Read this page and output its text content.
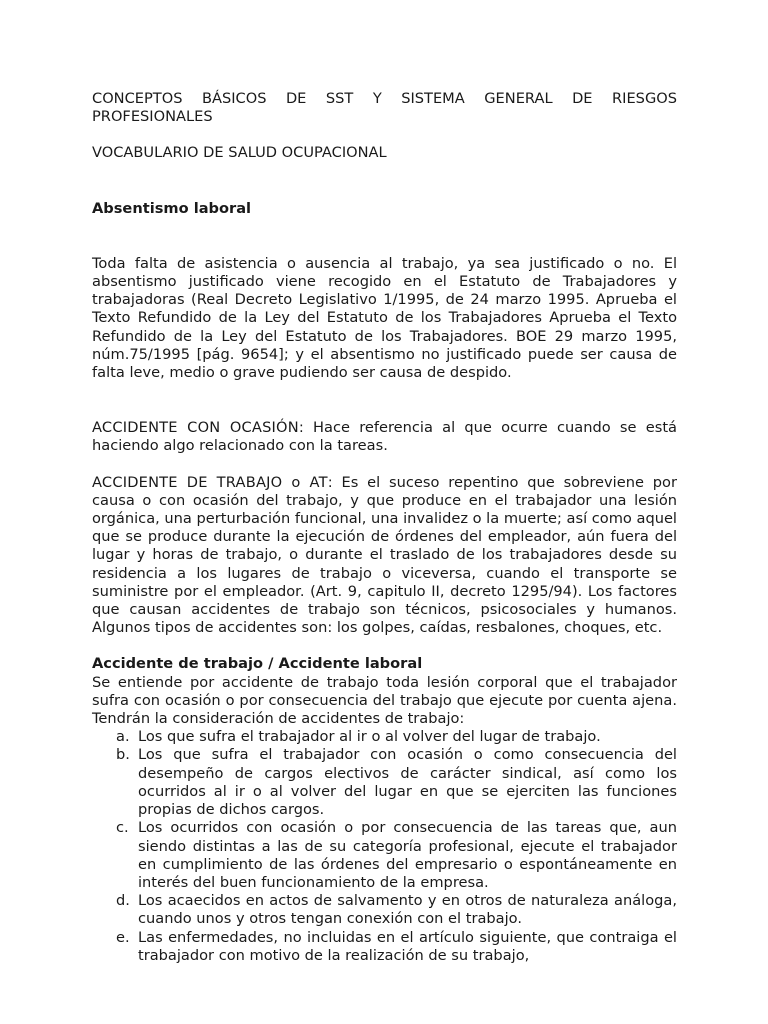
CONCEPTOS BÁSICOS DE SST Y SISTEMA GENERAL DE RIESGOS PROFESIONALES
VOCABULARIO DE SALUD OCUPACIONAL
Absentismo laboral

Toda falta de asistencia o ausencia al trabajo, ya sea justificado o no. El absentismo justificado viene recogido en el Estatuto de Trabajadores y trabajadoras (Real Decreto Legislativo 1/1995, de 24 marzo 1995. Aprueba el Texto Refundido de la Ley del Estatuto de los Trabajadores Aprueba el Texto Refundido de la Ley del Estatuto de los Trabajadores. BOE 29 marzo 1995, núm.75/1995 [pág. 9654]; y el absentismo no justificado puede ser causa de falta leve, medio o grave pudiendo ser causa de despido.

ACCIDENTE CON OCASIÓN: Hace referencia al que ocurre cuando se está haciendo algo relacionado con la tareas.

ACCIDENTE DE TRABAJO o AT: Es el suceso repentino que sobreviene por causa o con ocasión del trabajo, y que produce en el trabajador una lesión orgánica, una perturbación funcional, una invalidez o la muerte; así como aquel que se produce durante la ejecución de órdenes del empleador, aún fuera del lugar y horas de trabajo, o durante el traslado de los trabajadores desde su residencia a los lugares de trabajo o viceversa, cuando el transporte se suministre por el empleador. (Art. 9, capitulo II, decreto 1295/94). Los factores que causan accidentes de trabajo son técnicos, psicosociales y humanos. Algunos tipos de accidentes son: los golpes, caídas, resbalones, choques, etc.

Accidente de trabajo / Accidente laboral

Se entiende por accidente de trabajo toda lesión corporal que el trabajador sufra con ocasión o por consecuencia del trabajo que ejecute por cuenta ajena. Tendrán la consideración de accidentes de trabajo:

a. Los que sufra el trabajador al ir o al volver del lugar de trabajo.
b. Los que sufra el trabajador con ocasión o como consecuencia del desempeño de cargos electivos de carácter sindical, así como los ocurridos al ir o al volver del lugar en que se ejerciten las funciones propias de dichos cargos.
c. Los ocurridos con ocasión o por consecuencia de las tareas que, aun siendo distintas a las de su categoría profesional, ejecute el trabajador en cumplimiento de las órdenes del empresario o espontáneamente en interés del buen funcionamiento de la empresa.
d. Los acaecidos en actos de salvamento y en otros de naturaleza análoga, cuando unos y otros tengan conexión con el trabajo.
e. Las enfermedades, no incluidas en el artículo siguiente, que contraiga el trabajador con motivo de la realización de su trabajo,
